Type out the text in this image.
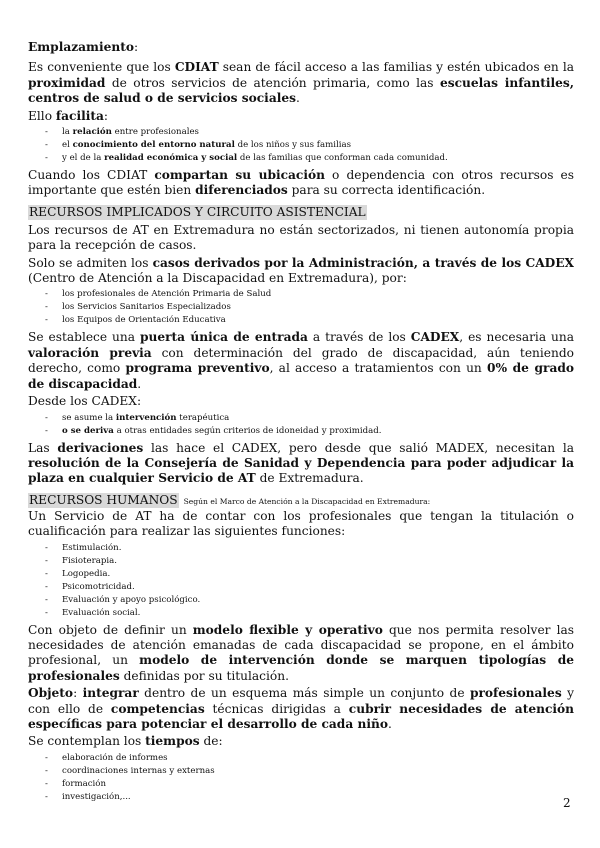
Emplazamiento:

Es conveniente que los CDIAT sean de fácil acceso a las familias y estén ubicados en la proximidad de otros servicios de atención primaria, como las escuelas infantiles, centros de salud o de servicios sociales.

Ello facilita:

- la relación entre profesionales
- el conocimiento del entorno natural de los niños y sus familias
- y el de la realidad económica y social de las familias que conforman cada comunidad.

Cuando los CDIAT compartan su ubicación o dependencia con otros recursos es importante que estén bien diferenciados para su correcta identificación.

RECURSOS IMPLICADOS Y CIRCUITO ASISTENCIAL

Los recursos de AT en Extremadura no están sectorizados, ni tienen autonomía propia para la recepción de casos.

Solo se admiten los casos derivados por la Administración, a través de los CADEX (Centro de Atención a la Discapacidad en Extremadura), por:

- los profesionales de Atención Primaria de Salud
- los Servicios Sanitarios Especializados
- los Equipos de Orientación Educativa

Se establece una puerta única de entrada a través de los CADEX, es necesaria una valoración previa con determinación del grado de discapacidad, aún teniendo derecho, como programa preventivo, al acceso a tratamientos con un 0% de grado de discapacidad.

Desde los CADEX:

- se asume la intervención terapéutica
- o se deriva a otras entidades según criterios de idoneidad y proximidad.

Las derivaciones las hace el CADEX, pero desde que salió MADEX, necesitan la resolución de la Consejería de Sanidad y Dependencia para poder adjudicar la plaza en cualquier Servicio de AT de Extremadura.

RECURSOS HUMANOS Según el Marco de Atención a la Discapacidad en Extremadura:

Un Servicio de AT ha de contar con los profesionales que tengan la titulación o cualificación para realizar las siguientes funciones:

- Estimulación.
- Fisioterapia.
- Logopedia.
- Psicomotricidad.
- Evaluación y apoyo psicológico.
- Evaluación social.

Con objeto de definir un modelo flexible y operativo que nos permita resolver las necesidades de atención emanadas de cada discapacidad se propone, en el ámbito profesional, un modelo de intervención donde se marquen tipologías de profesionales definidas por su titulación.

Objeto: integrar dentro de un esquema más simple un conjunto de profesionales y con ello de competencias técnicas dirigidas a cubrir necesidades de atención específicas para potenciar el desarrollo de cada niño.

Se contemplan los tiempos de:

- elaboración de informes
- coordinaciones internas y externas
- formación
- investigación,...	2
